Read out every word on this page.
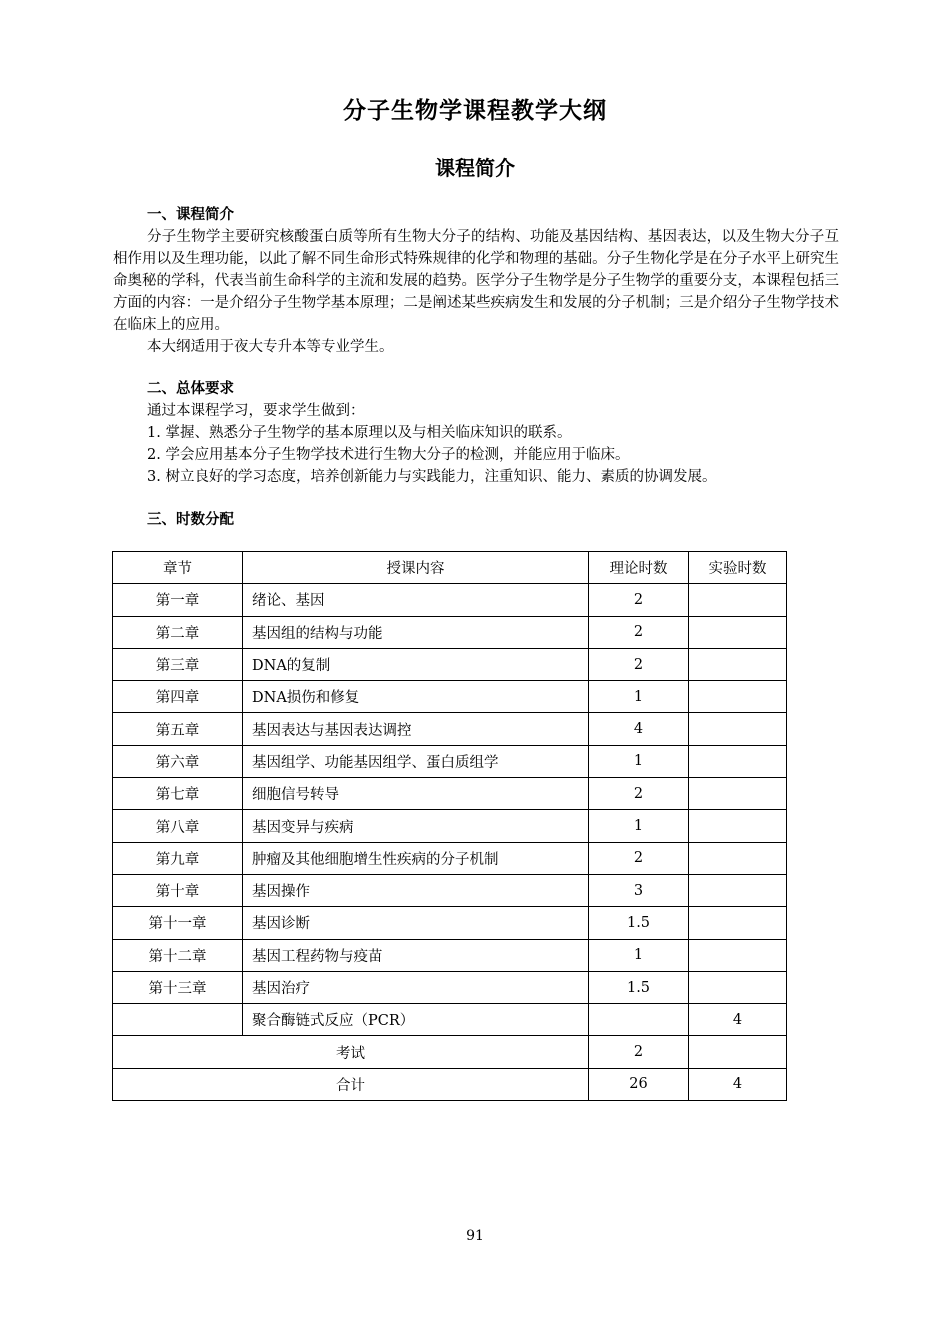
分子生物学课程教学大纲
课程简介
一、课程简介

分子生物学主要研究核酸蛋白质等所有生物大分子的结构、功能及基因结构、基因表达，以及生物大分子互相作用以及生理功能，以此了解不同生命形式特殊规律的化学和物理的基础。分子生物化学是在分子水平上研究生命奥秘的学科，代表当前生命科学的主流和发展的趋势。医学分子生物学是分子生物学的重要分支，本课程包括三方面的内容：一是介绍分子生物学基本原理；二是阐述某些疾病发生和发展的分子机制；三是介绍分子生物学技术在临床上的应用。

本大纲适用于夜大专升本等专业学生。

二、总体要求

通过本课程学习，要求学生做到：

1. 掌握、熟悉分子生物学的基本原理以及与相关临床知识的联系。
2. 学会应用基本分子生物学技术进行生物大分子的检测，并能应用于临床。
3. 树立良好的学习态度，培养创新能力与实践能力，注重知识、能力、素质的协调发展。
三、时数分配
章节	授课内容	理论时数	实验时数
第一章	绪论、基因	2	
第二章	基因组的结构与功能	2	
第三章	DNA的复制	2	
第四章	DNA损伤和修复	1	
第五章	基因表达与基因表达调控	4	
第六章	基因组学、功能基因组学、蛋白质组学	1	
第七章	细胞信号转导	2	
第八章	基因变异与疾病	1	
第九章	肿瘤及其他细胞增生性疾病的分子机制	2	
第十章	基因操作	3	
第十一章	基因诊断	1.5	
第十二章	基因工程药物与疫苗	1	
第十三章	基因治疗	1.5	
	聚合酶链式反应（PCR）		4
考试		2	
合计		26	4
91
